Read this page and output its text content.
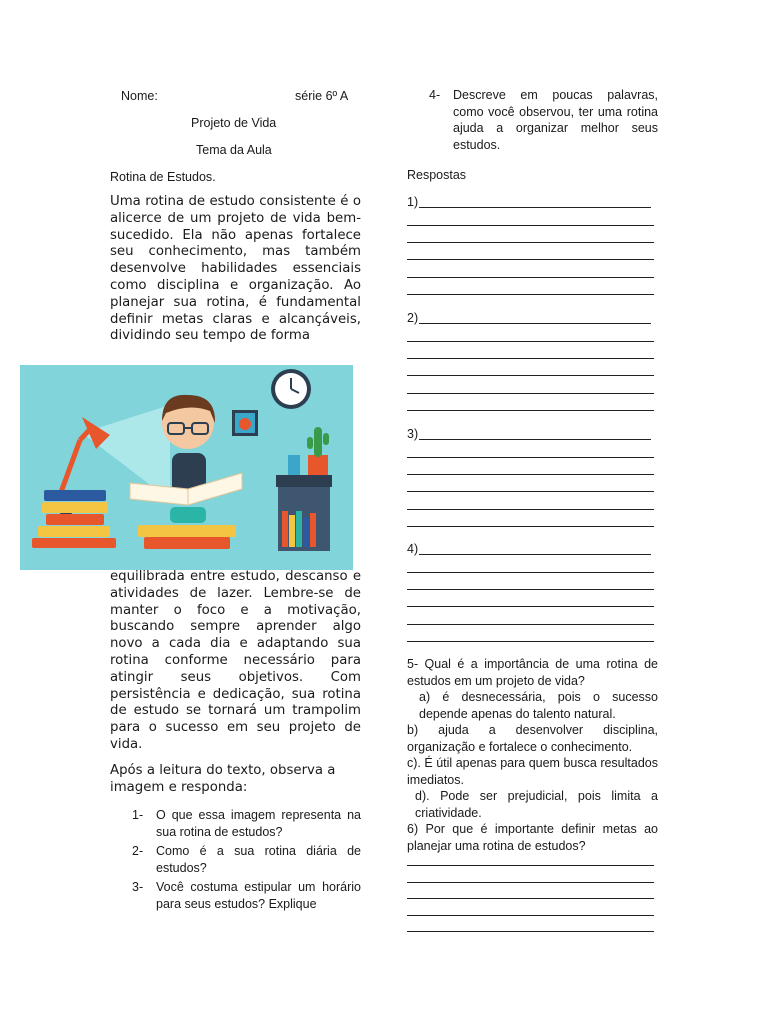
Nome:	série 6º A
Projeto de Vida
Tema da Aula
Rotina de Estudos.
Uma rotina de estudo consistente é o alicerce de um projeto de vida bem-sucedido. Ela não apenas fortalece seu conhecimento, mas também desenvolve habilidades essenciais como disciplina e organização. Ao planejar sua rotina, é fundamental definir metas claras e alcançáveis, dividindo seu tempo de forma
equilibrada entre estudo, descanso e atividades de lazer. Lembre-se de manter o foco e a motivação, buscando sempre aprender algo novo a cada dia e adaptando sua rotina conforme necessário para atingir seus objetivos. Com persistência e dedicação, sua rotina de estudo se tornará um trampolim para o sucesso em seu projeto de vida.
Após a leitura do texto, observa a imagem e responda:
1- O que essa imagem representa na sua rotina de estudos?
2- Como é a sua rotina diária de estudos?
3- Você costuma estipular um horário para seus estudos? Explique
4- Descreve em poucas palavras, como você observou, ter uma rotina ajuda a organizar melhor seus estudos.
Respostas
1)
2)
3)
4)
5- Qual é a importância de uma rotina de estudos em um projeto de vida?
a) é desnecessária, pois o sucesso depende apenas do talento natural.
b) ajuda a desenvolver disciplina, organização e fortalece o conhecimento.
c). É útil apenas para quem busca resultados imediatos.
d). Pode ser prejudicial, pois limita a criatividade.
6) Por que é importante definir metas ao planejar uma rotina de estudos?
